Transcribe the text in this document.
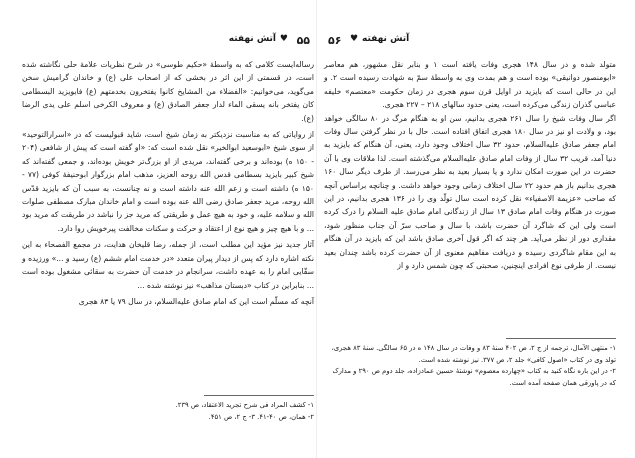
۵۵
♥
آتش نهفته

رساله‌ایست کلامی که به واسطهٔ «حکیم طوسی» در شرح نظریات علامهٔ حلی نگاشته شده است، در قسمتی از این اثر در بخشی که از اصحاب علی (ع) و خاندان گرامیش سخن می‌گوید، می‌خوانیم: «الفضلاء من المشایخ کانوا یفتخرون بخدمتهم (ع) فابویزید البسطامی کان یفتخر بانه یسقی الماء لدار جعفر الصادق (ع) و معروف الکرخی اسلم علی یدی الرضا (ع).

از روایاتی که به مناسبت نزدیکتر به زمان شیخ است، شاید قبولیست که در «اسرارالتوحید» از سوی شیخ «ابوسعید ابوالخیر» نقل شده است که: «او گفته است که پیش از شافعی (۲۰۴ - ۱۵۰ ه) بوده‌اند و برخی گفته‌اند، مریدی از او بزرگ‌تر خویش بوده‌اند، و جمعی گفته‌اند که شیخ کبیر بایزید بسطامی قدس الله روحه العزیز، مذهب امام بزرگوار ابوحنیفهٔ کوفی (۷۷ - ۱۵۰ ه) داشته است و زعم الله عنه داشته است و نه چنانست، به سبب آن که بایزید قدّس الله روحه، مرید جعفر صادق رضی الله عنه بوده است و امام خاندان مبارک مصطفی صلوات الله و سلامه علیه، و خود به هیچ عمل و طریقتی که مرید جز را نباشد در طریقت که مرید بود ... و با هیچ چیز و هیچ نوع از اعتقاد و حرکت و سکنات مخالفت پیرخویش روا دارد.

آثار جدید نیز مؤید این مطلب است، از جمله، رضا قلیخان هدایت، در مجمع الفصحاء به این نکته اشاره دارد که پس از دیدار پیران متعدد «در خدمت امام ششم (ع) رسید و ...» ورزیده و سقّایی امام را به عهده داشت، سرانجام در خدمت آن حضرت به سقائی مشغول بوده است ... بنابراین در کتاب «دبستان مذاهب» نیز نوشته شده ...

آنچه که مسلّم است این که امام صادق علیه‌السلام، در سال ۷۹ یا ۸۳ هجری

۱- کشف المراد فی شرح تجرید الاعتقاد، ص ۲۳۹.

۲- همان، ص ۴۰-۴۱. ۳- ج ۲، ص ۴۵۱.

۵۶ ♥ آتش نهفته

متولد شده و در سال ۱۴۸ هجری وفات یافته است ۱ و بنابر نقل مشهور، هم معاصر «ابومنصور دوانیقی» بوده است و هم بمدت وی به واسطهٔ سمّ به شهادت رسیده است ۲. و این در حالی است که بایزید در اوایل قرن سوم هجری در زمان حکومت «معتصم» خلیفه عباسی گذران زندگی می‌کرده است، یعنی حدود سالهای ۲۱۸ – ۲۲۷ هجری.

اگر سال وفات شیخ را سال ۲۶۱ هجری بدانیم، سن او به هنگام مرگ در ۸۰ سالگی خواهد بود، و ولادت او نیز در سال ۱۸۰ هجری اتفاق افتاده است. حال با در نظر گرفتن سال وفات امام جعفر صادق علیه‌السلام، حدود ۳۲ سال اختلاف وجود دارد، یعنی، آن هنگام که بایزید به دنیا آمد، قریب ۳۲ سال از وفات امام صادق علیه‌السلام می‌گذشته است. لذا ملاقات وی با آن حضرت در این صورت امکان ندارد و یا بسیار بعید به نظر می‌رسد. از طرف دیگر سال ۱۶۰ هجری بدانیم باز هم حدود ۲۲ سال اختلاف زمانی وجود خواهد داشت. و چنانچه براساس آنچه که صاحب «عزیمة الاصفیاء» نقل کرده است سال تولّد وی را در ۱۳۶ هجری بدانیم، در این صورت در هنگام وفات امام صادق ۱۳ سال از زندگانی امام صادق علیه السلام را درک کرده است ولی این که شاگرد آن حضرت باشد، با سال و صاحب سرّ آن جناب منظور شود، مقداری دور از نظر می‌آید. هر چند که اگر قول آخری صادق باشد این که بایزید در آن هنگام به این مقام شاگردی رسیده و دریافت مفاهیم معنوی از آن حضرت کرده باشد چندان بعید نیست. از طرفی نوع افرادی اینچنین، صحبتی که چون شمس دارد و از

۱- منتهی الآمال، ترجمه از ج ۲، ص ۴۰۲ سنهٔ ۸۳ و وفات در سال ۱۴۸ ه در ۶۵ سالگی. سنهٔ ۸۳ هجری، تولد وی در کتاب «اصول کافی» جلد ۲، ص ۳۷۷. نیز نوشته شده است.

۲- در این باره نگاه کنید به کتاب «چهارده معصوم» نوشتهٔ حسین عمادزاده، جلد دوم ص ۲۹۰ و مدارک که در پاورقی همان صفحه آمده است.
